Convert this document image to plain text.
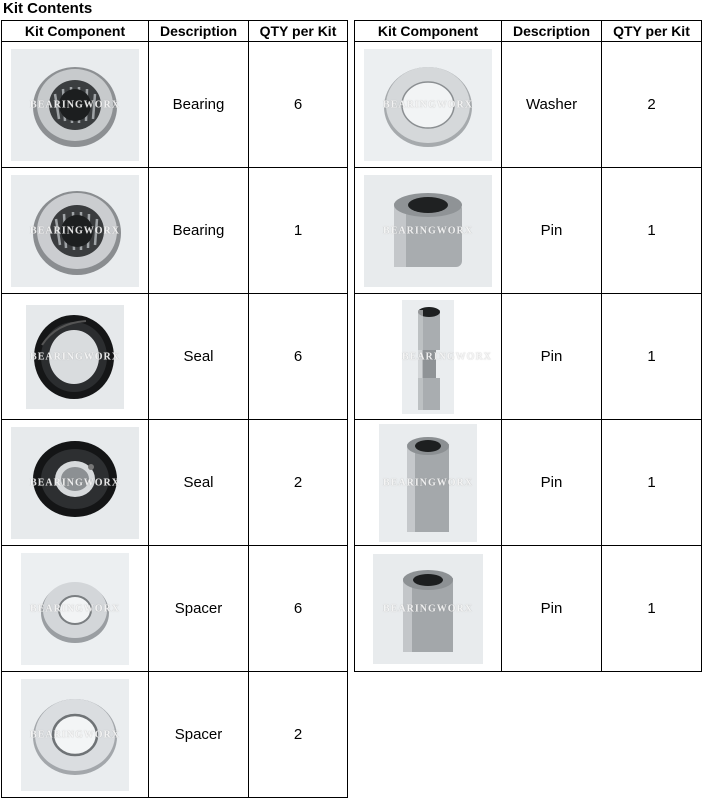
Kit Contents
Kit Component	Description	QTY per Kit

BEARINGWORX	Bearing	6

BEARINGWORX	Bearing	1

BEARINGWORX	Seal	6

BEARINGWORX	Seal	2

BEARINGWORX	Spacer	6

BEARINGWORX	Spacer	2
Kit Component	Description	QTY per Kit

BEARINGWORX	Washer	2

BEARINGWORX	Pin	1

BEARINGWORX	Pin	1

BEARINGWORX	Pin	1

BEARINGWORX	Pin	1
